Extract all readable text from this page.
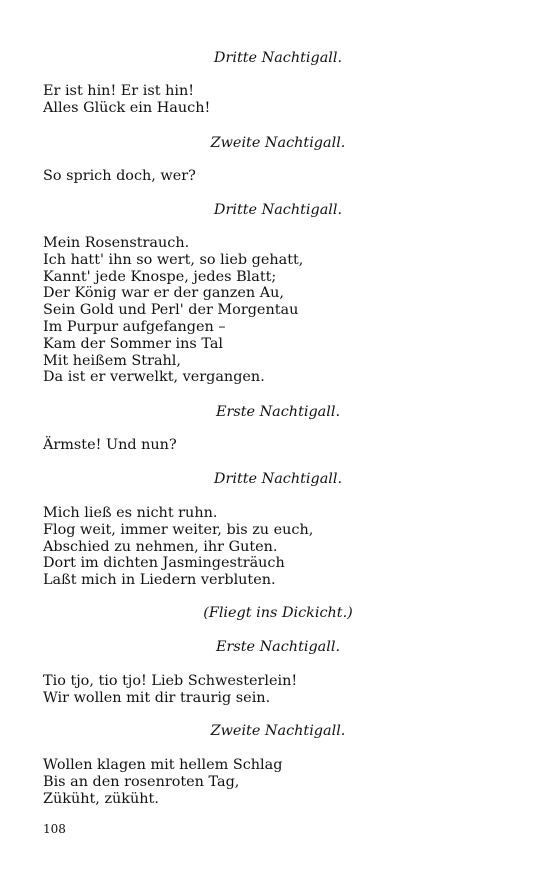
Dritte Nachtigall.
Er ist hin! Er ist hin!
Alles Glück ein Hauch!
Zweite Nachtigall.
So sprich doch, wer?
Dritte Nachtigall.
Mein Rosenstrauch.
Ich hatt' ihn so wert, so lieb gehatt,
Kannt' jede Knospe, jedes Blatt;
Der König war er der ganzen Au,
Sein Gold und Perl' der Morgentau
Im Purpur aufgefangen –
Kam der Sommer ins Tal
Mit heißem Strahl,
Da ist er verwelkt, vergangen.
Erste Nachtigall.
Ärmste! Und nun?
Dritte Nachtigall.
Mich ließ es nicht ruhn.
Flog weit, immer weiter, bis zu euch,
Abschied zu nehmen, ihr Guten.
Dort im dichten Jasmingesträuch
Laßt mich in Liedern verbluten.
(Fliegt ins Dickicht.)
Erste Nachtigall.
Tio tjo, tio tjo! Lieb Schwesterlein!
Wir wollen mit dir traurig sein.
Zweite Nachtigall.
Wollen klagen mit hellem Schlag
Bis an den rosenroten Tag,
Züküht, züküht.
108
